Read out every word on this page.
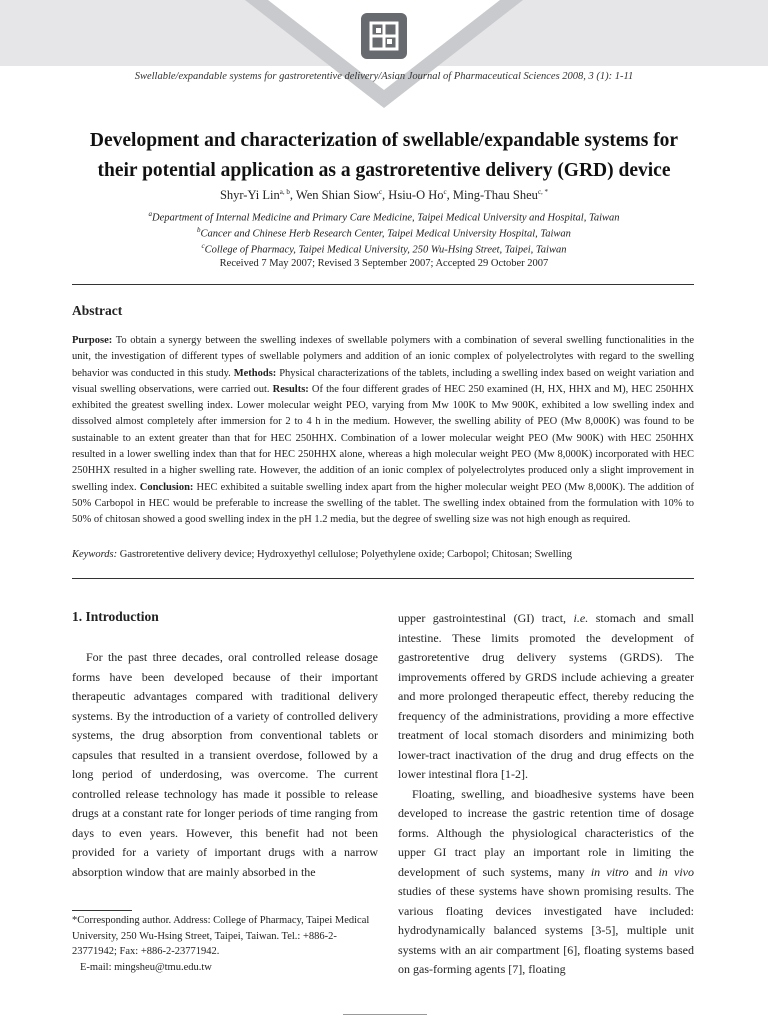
Swellable/expandable systems for gastroretentive delivery/Asian Journal of Pharmaceutical Sciences 2008, 3 (1): 1-11
Development and characterization of swellable/expandable systems for
their potential application as a gastroretentive delivery (GRD) device
Shyr-Yi Lin$^{a, b}$, Wen Shian Siow$^c$, Hsiu-O Ho$^c$, Ming-Thau Sheu$^{c, *}$
$^a$Department of Internal Medicine and Primary Care Medicine, Taipei Medical University and Hospital, Taiwan
$^b$Cancer and Chinese Herb Research Center, Taipei Medical University Hospital, Taiwan
$^c$College of Pharmacy, Taipei Medical University, 250 Wu-Hsing Street, Taipei, Taiwan
Received 7 May 2007; Revised 3 September 2007; Accepted 29 October 2007
Abstract
Purpose: To obtain a synergy between the swelling indexes of swellable polymers with a combination of several swelling functionalities in the unit, the investigation of different types of swellable polymers and addition of an ionic complex of polyelectrolytes with regard to the swelling behavior was conducted in this study. Methods: Physical characterizations of the tablets, including a swelling index based on weight variation and visual swelling observations, were carried out. Results: Of the four different grades of HEC 250 examined (H, HX, HHX and M), HEC 250HHX exhibited the greatest swelling index. Lower molecular weight PEO, varying from Mw 100K to Mw 900K, exhibited a low swelling index and dissolved almost completely after immersion for 2 to 4 h in the medium. However, the swelling ability of PEO (Mw 8,000K) was found to be sustainable to an extent greater than that for HEC 250HHX. Combination of a lower molecular weight PEO (Mw 900K) with HEC 250HHX resulted in a lower swelling index than that for HEC 250HHX alone, whereas a high molecular weight PEO (Mw 8,000K) incorporated with HEC 250HHX resulted in a higher swelling rate. However, the addition of an ionic complex of polyelectrolytes produced only a slight improvement in swelling index. Conclusion: HEC exhibited a suitable swelling index apart from the higher molecular weight PEO (Mw 8,000K). The addition of 50% Carbopol in HEC would be preferable to increase the swelling of the tablet. The swelling index obtained from the formulation with 10% to 50% of chitosan showed a good swelling index in the pH 1.2 media, but the degree of swelling size was not high enough as required.
Keywords: Gastroretentive delivery device; Hydroxyethyl cellulose; Polyethylene oxide; Carbopol; Chitosan; Swelling
1. Introduction

For the past three decades, oral controlled release dosage forms have been developed because of their important therapeutic advantages compared with traditional delivery systems. By the introduction of a variety of controlled delivery systems, the drug absorption from conventional tablets or capsules that resulted in a transient overdose, followed by a long period of underdosing, was overcome. The current controlled release technology has made it possible to release drugs at a constant rate for longer periods of time ranging from days to even years. However, this benefit had not been provided for a variety of important drugs with a narrow absorption window that are mainly absorbed in the

upper gastrointestinal (GI) tract, i.e. stomach and small intestine. These limits promoted the development of gastroretentive drug delivery systems (GRDS). The improvements offered by GRDS include achieving a greater and more prolonged therapeutic effect, thereby reducing the frequency of the administrations, providing a more effective treatment of local stomach disorders and minimizing both lower-tract inactivation of the drug and drug effects on the lower intestinal flora [1-2].

Floating, swelling, and bioadhesive systems have been developed to increase the gastric retention time of dosage forms. Although the physiological characteristics of the upper GI tract play an important role in limiting the development of such systems, many in vitro and in vivo studies of these systems have shown promising results. The various floating devices investigated have included: hydrodynamically balanced systems [3-5], multiple unit systems with an air compartment [6], floating systems based on gas-forming agents [7], floating

*Corresponding author. Address: College of Pharmacy, Taipei Medical University, 250 Wu-Hsing Street, Taipei, Taiwan. Tel.: +886-2-23771942; Fax: +886-2-23771942.
E-mail: mingsheu@tmu.edu.tw
